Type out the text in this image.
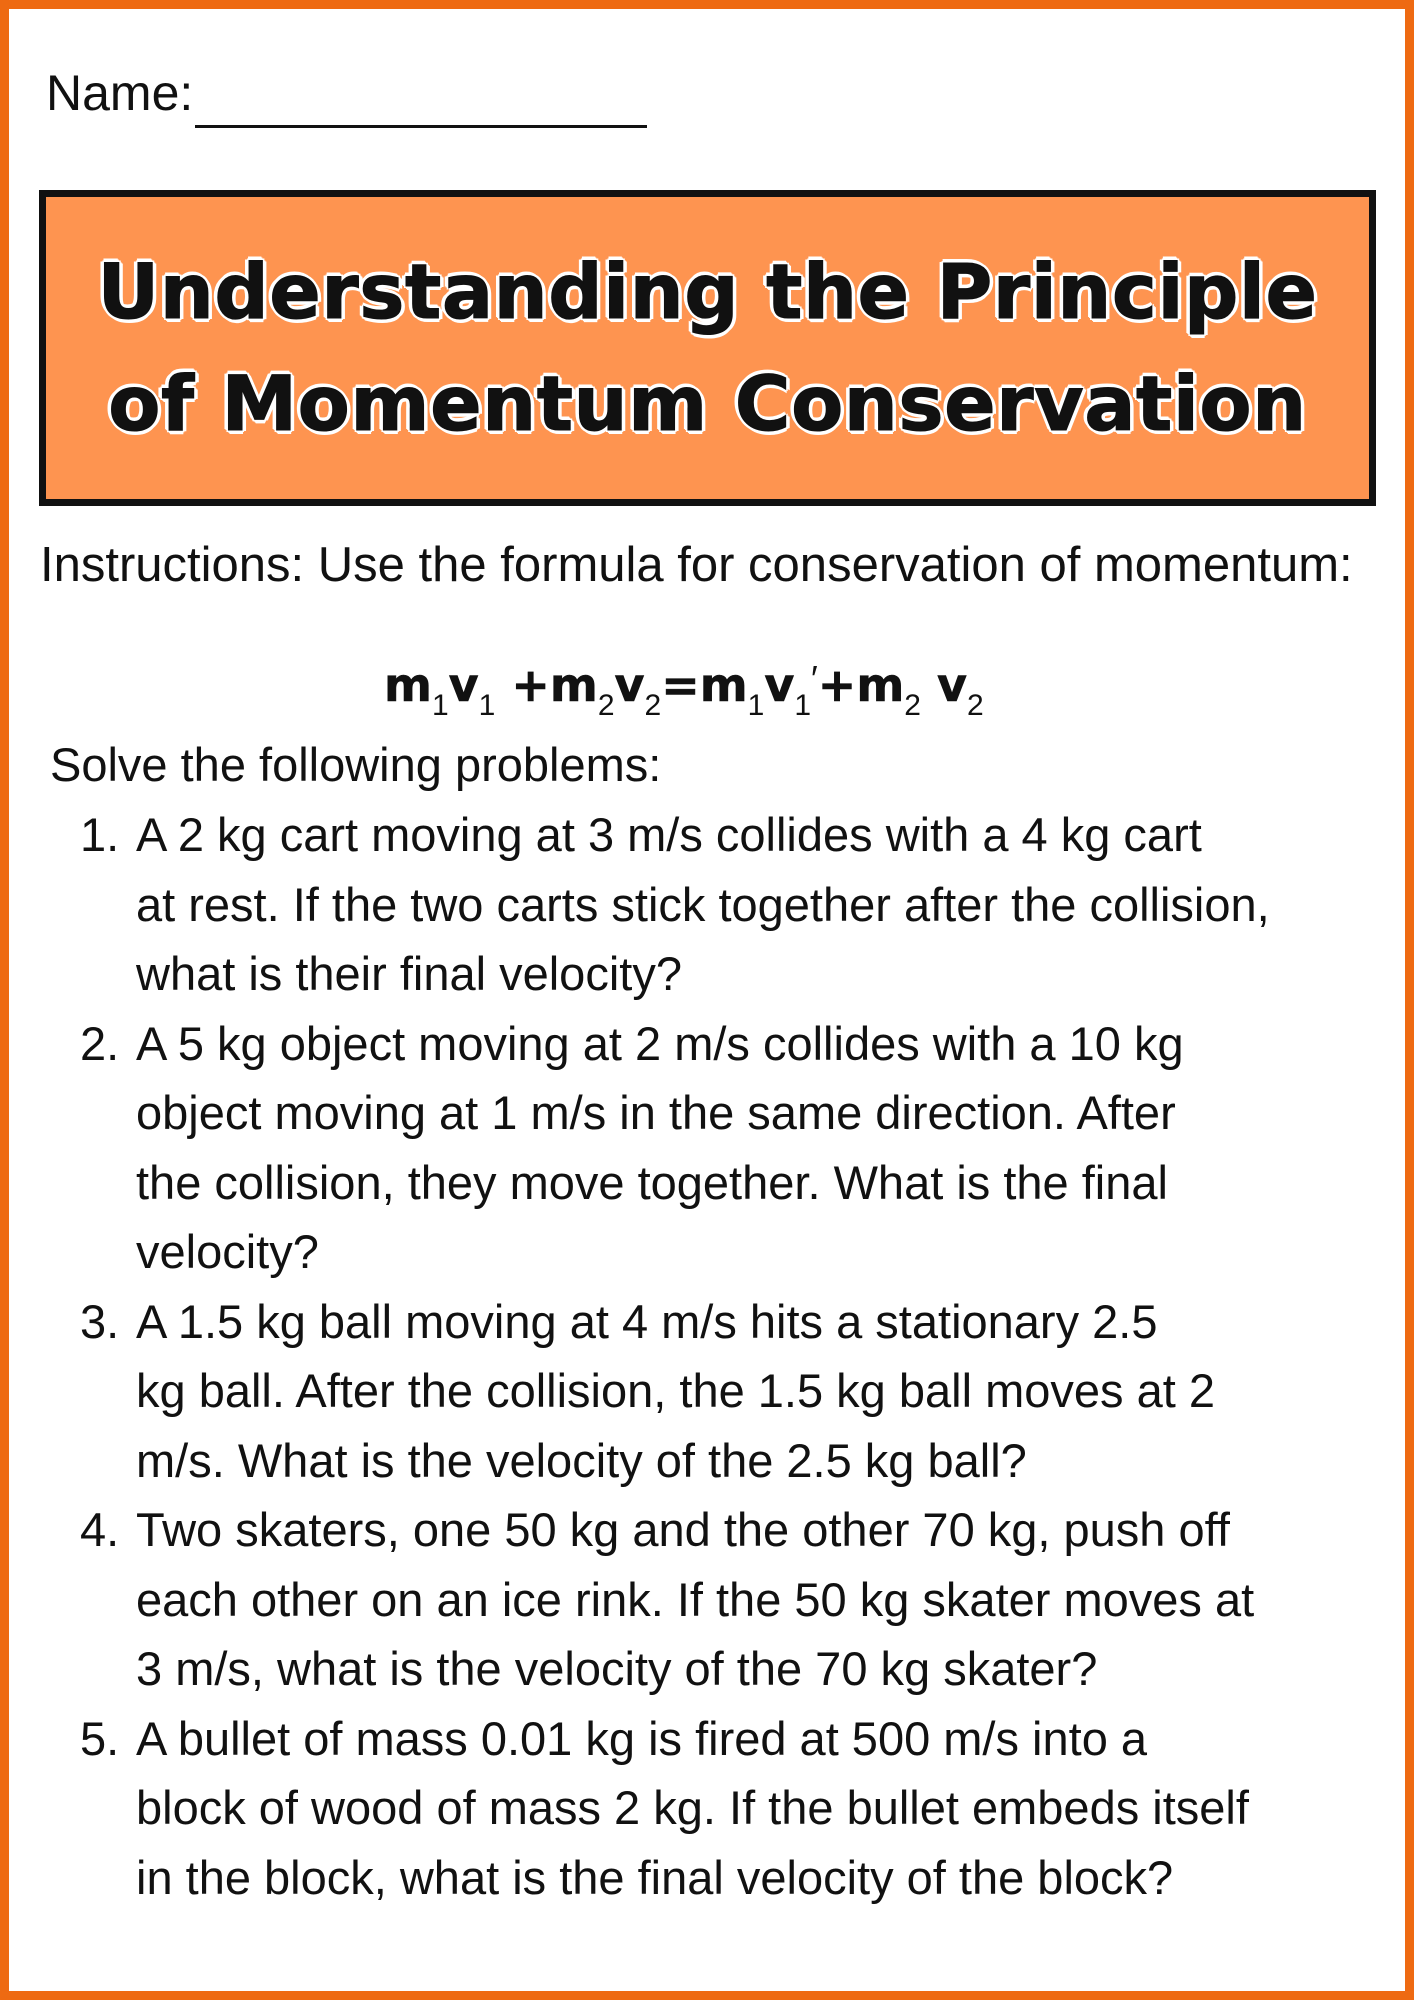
Name:
Understanding the Principle of Momentum Conservation
Instructions: Use the formula for conservation of momentum:
$m_1v_1 +m_2v_2=m_1v_1'+m_2$ $v_2$
Solve the following problems:
1. A 2 kg cart moving at 3 m/s collides with a 4 kg cart
at rest. If the two carts stick together after the collision,
what is their final velocity?
2. A 5 kg object moving at 2 m/s collides with a 10 kg
object moving at 1 m/s in the same direction. After
the collision, they move together. What is the final
velocity?
3. A 1.5 kg ball moving at 4 m/s hits a stationary 2.5
kg ball. After the collision, the 1.5 kg ball moves at 2
m/s. What is the velocity of the 2.5 kg ball?
4. Two skaters, one 50 kg and the other 70 kg, push off
each other on an ice rink. If the 50 kg skater moves at
3 m/s, what is the velocity of the 70 kg skater?
5. A bullet of mass 0.01 kg is fired at 500 m/s into a
block of wood of mass 2 kg. If the bullet embeds itself
in the block, what is the final velocity of the block?
